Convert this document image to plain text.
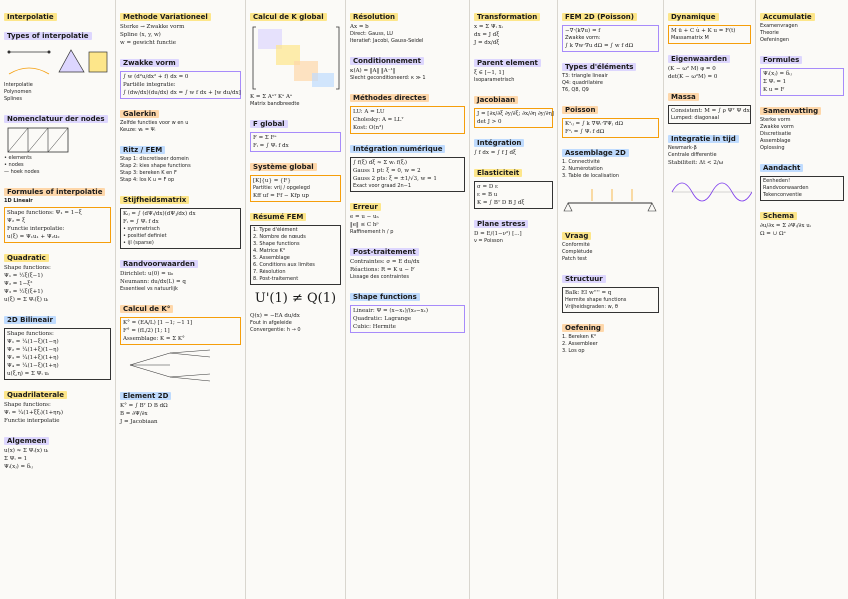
Interpolatie Types of interpolatie
Interpolatie
Polynomen
Splines
Nomenclatuur der nodes
• elements
• nodes
— hoek nodes
Formules of interpolatie
1D Lineair
Shape functions: Ψ₁ = 1−ξ
Ψ₂ = ξ
Functie interpolatie:
u(ξ) = Ψ₁u₁ + Ψ₂u₂
Quadratic
Shape functions:
Ψ₁ = ½ξ(ξ−1)
Ψ₂ = 1−ξ²
Ψ₃ = ½ξ(ξ+1)
u(ξ) = Σ Ψᵢ(ξ) uᵢ
2D Bilineair
Shape functions:
Ψ₁ = ¼(1−ξ)(1−η)
Ψ₂ = ¼(1+ξ)(1−η)
Ψ₃ = ¼(1+ξ)(1+η)
Ψ₄ = ¼(1−ξ)(1+η)
u(ξ,η) = Σ Ψᵢ uᵢ
Quadrilaterale
Shape functions:
Ψᵢ = ¼(1+ξξᵢ)(1+ηηᵢ)
Functie interpolatie
Algemeen
u(x) ≈ Σ Ψᵢ(x) uᵢ
Σ Ψᵢ = 1
Ψᵢ(xⱼ) = δᵢⱼ
Methode Variationeel
Sterke → Zwakke vorm
Spline (x, y, w)
w = gewicht functie
Zwakke vorm
∫ w (d²u/dx² + f) dx = 0
Partiële integratie:
∫ (dw/dx)(du/dx) dx = ∫ w f dx + [w du/dx]
Galerkin
Zelfde functies voor w en u
Keuze: wᵢ = Ψᵢ
Ritz / FEM
Stap 1: discretiseer domein
Stap 2: kies shape functions
Stap 3: bereken K en F
Stap 4: los K u = F op
Stijfheidsmatrix
Kᵢⱼ = ∫ (dΨᵢ/dx)(dΨⱼ/dx) dx
Fᵢ = ∫ Ψᵢ f dx
• symmetrisch
• positief definiet
• ijl (sparse)
Randvoorwaarden
Dirichlet: u(0) = u₀
Neumann: du/dx(L) = q
Essentieel vs natuurlijk
Calcul de K°
K° = (EA/L) [1 −1; −1 1]
F° = (fL/2) [1; 1]
Assemblage: K = Σ K°
Element 2D
K° = ∫ Bᵀ D B dΩ
B = ∂Ψ/∂x
J = Jacobiaan
Calcul de K global
K = Σ Aᵉᵀ Kᵉ Aᵉ
Matrix bandbreedte
F global
F = Σ Fᵉ
Fᵢ = ∫ Ψᵢ f dx
Système global
[K]{u} = {F}
Partitie: vrij / opgelegd
Kff uf = Ff − Kfp up
Résumé FEM
1. Type d'élément
2. Nombre de nœuds
3. Shape functions
4. Matrice K°
5. Assemblage
6. Conditions aux limites
7. Résolution
8. Post-traitement
U'(1) ≠ Q(1)
Q(x) = −EA du/dx
Fout in afgeleide
Convergentie: h → 0
Résolution
Ax = b
Direct: Gauss, LU
Iteratief: Jacobi, Gauss-Seidel
Conditionnement
κ(A) = ‖A‖ ‖A⁻¹‖
Slecht geconditioneerd: κ ≫ 1
Méthodes directes
LU: A = LU
Cholesky: A = LLᵀ
Kost: O(n³)
Intégration numérique
∫ f(ξ) dξ ≈ Σ wᵢ f(ξᵢ)
Gauss 1 pt: ξ = 0, w = 2
Gauss 2 pts: ξ = ±1/√3, w = 1
Exact voor graad 2n−1
Erreur
e = u − uₕ
‖e‖ ≤ C hᵖ
Raffinement h / p
Post-traitement
Contraintes: σ = E du/dx
Réactions: R = K u − F
Lissage des contraintes
Shape functions
Lineair: Ψ = (x−x₁)/(x₂−x₁)
Quadratic: Lagrange
Cubic: Hermite
Transformation
x = Σ Ψᵢ xᵢ
dx = J dξ
J = dx/dξ
Parent element
ξ ∈ [−1, 1]
Isoparametrisch
Jacobiaan
J = [∂x/∂ξ ∂y/∂ξ; ∂x/∂η ∂y/∂η]
det J > 0
Intégration
∫ f dx = ∫ f J dξ
Elasticiteit
σ = D ε
ε = B u
K = ∫ Bᵀ D B J dξ
Plane stress
D = E/(1−ν²) [...]
ν = Poisson
FEM 2D (Poisson)
−∇·(k∇u) = f
Zwakke vorm:
∫ k ∇w·∇u dΩ = ∫ w f dΩ
Types d'éléments
T3: triangle lineair
Q4: quadrilatère
T6, Q8, Q9
Poisson
Kᵉᵢⱼ = ∫ k ∇Ψᵢ·∇Ψⱼ dΩ
Fᵉᵢ = ∫ Ψᵢ f dΩ
Assemblage 2D
1. Connectivité
2. Numérotation
3. Table de localisation
Vraag
Conformité
Complétude
Patch test
Structuur
Balk: EI w'''' = q
Hermite shape functions
Vrijheidsgraden: w, θ
Oefening
1. Bereken K°
2. Assembleer
3. Los op
Dynamique
M ü + C u̇ + K u = F(t)
Massamatrix M
Eigenwaarden
(K − ω² M) φ = 0
det(K − ω²M) = 0
Massa
Consistent: M = ∫ ρ Ψᵀ Ψ dx
Lumped: diagonaal
Integratie in tijd
Newmark-β
Centrale differentie
Stabiliteit: Δt < 2/ω
Accumulatie
Examenvragen
Theorie
Oefeningen
Formules
Ψᵢ(xⱼ) = δᵢⱼ
Σ Ψᵢ = 1
K u = F
Samenvatting
Sterke vorm
Zwakke vorm
Discretisatie
Assemblage
Oplossing
Aandacht
Eenheden!
Randvoorwaarden
Tekenconventie
Schema
∂u/∂x = Σ ∂Ψᵢ/∂x uᵢ
Ω = ∪ Ωᵉ
